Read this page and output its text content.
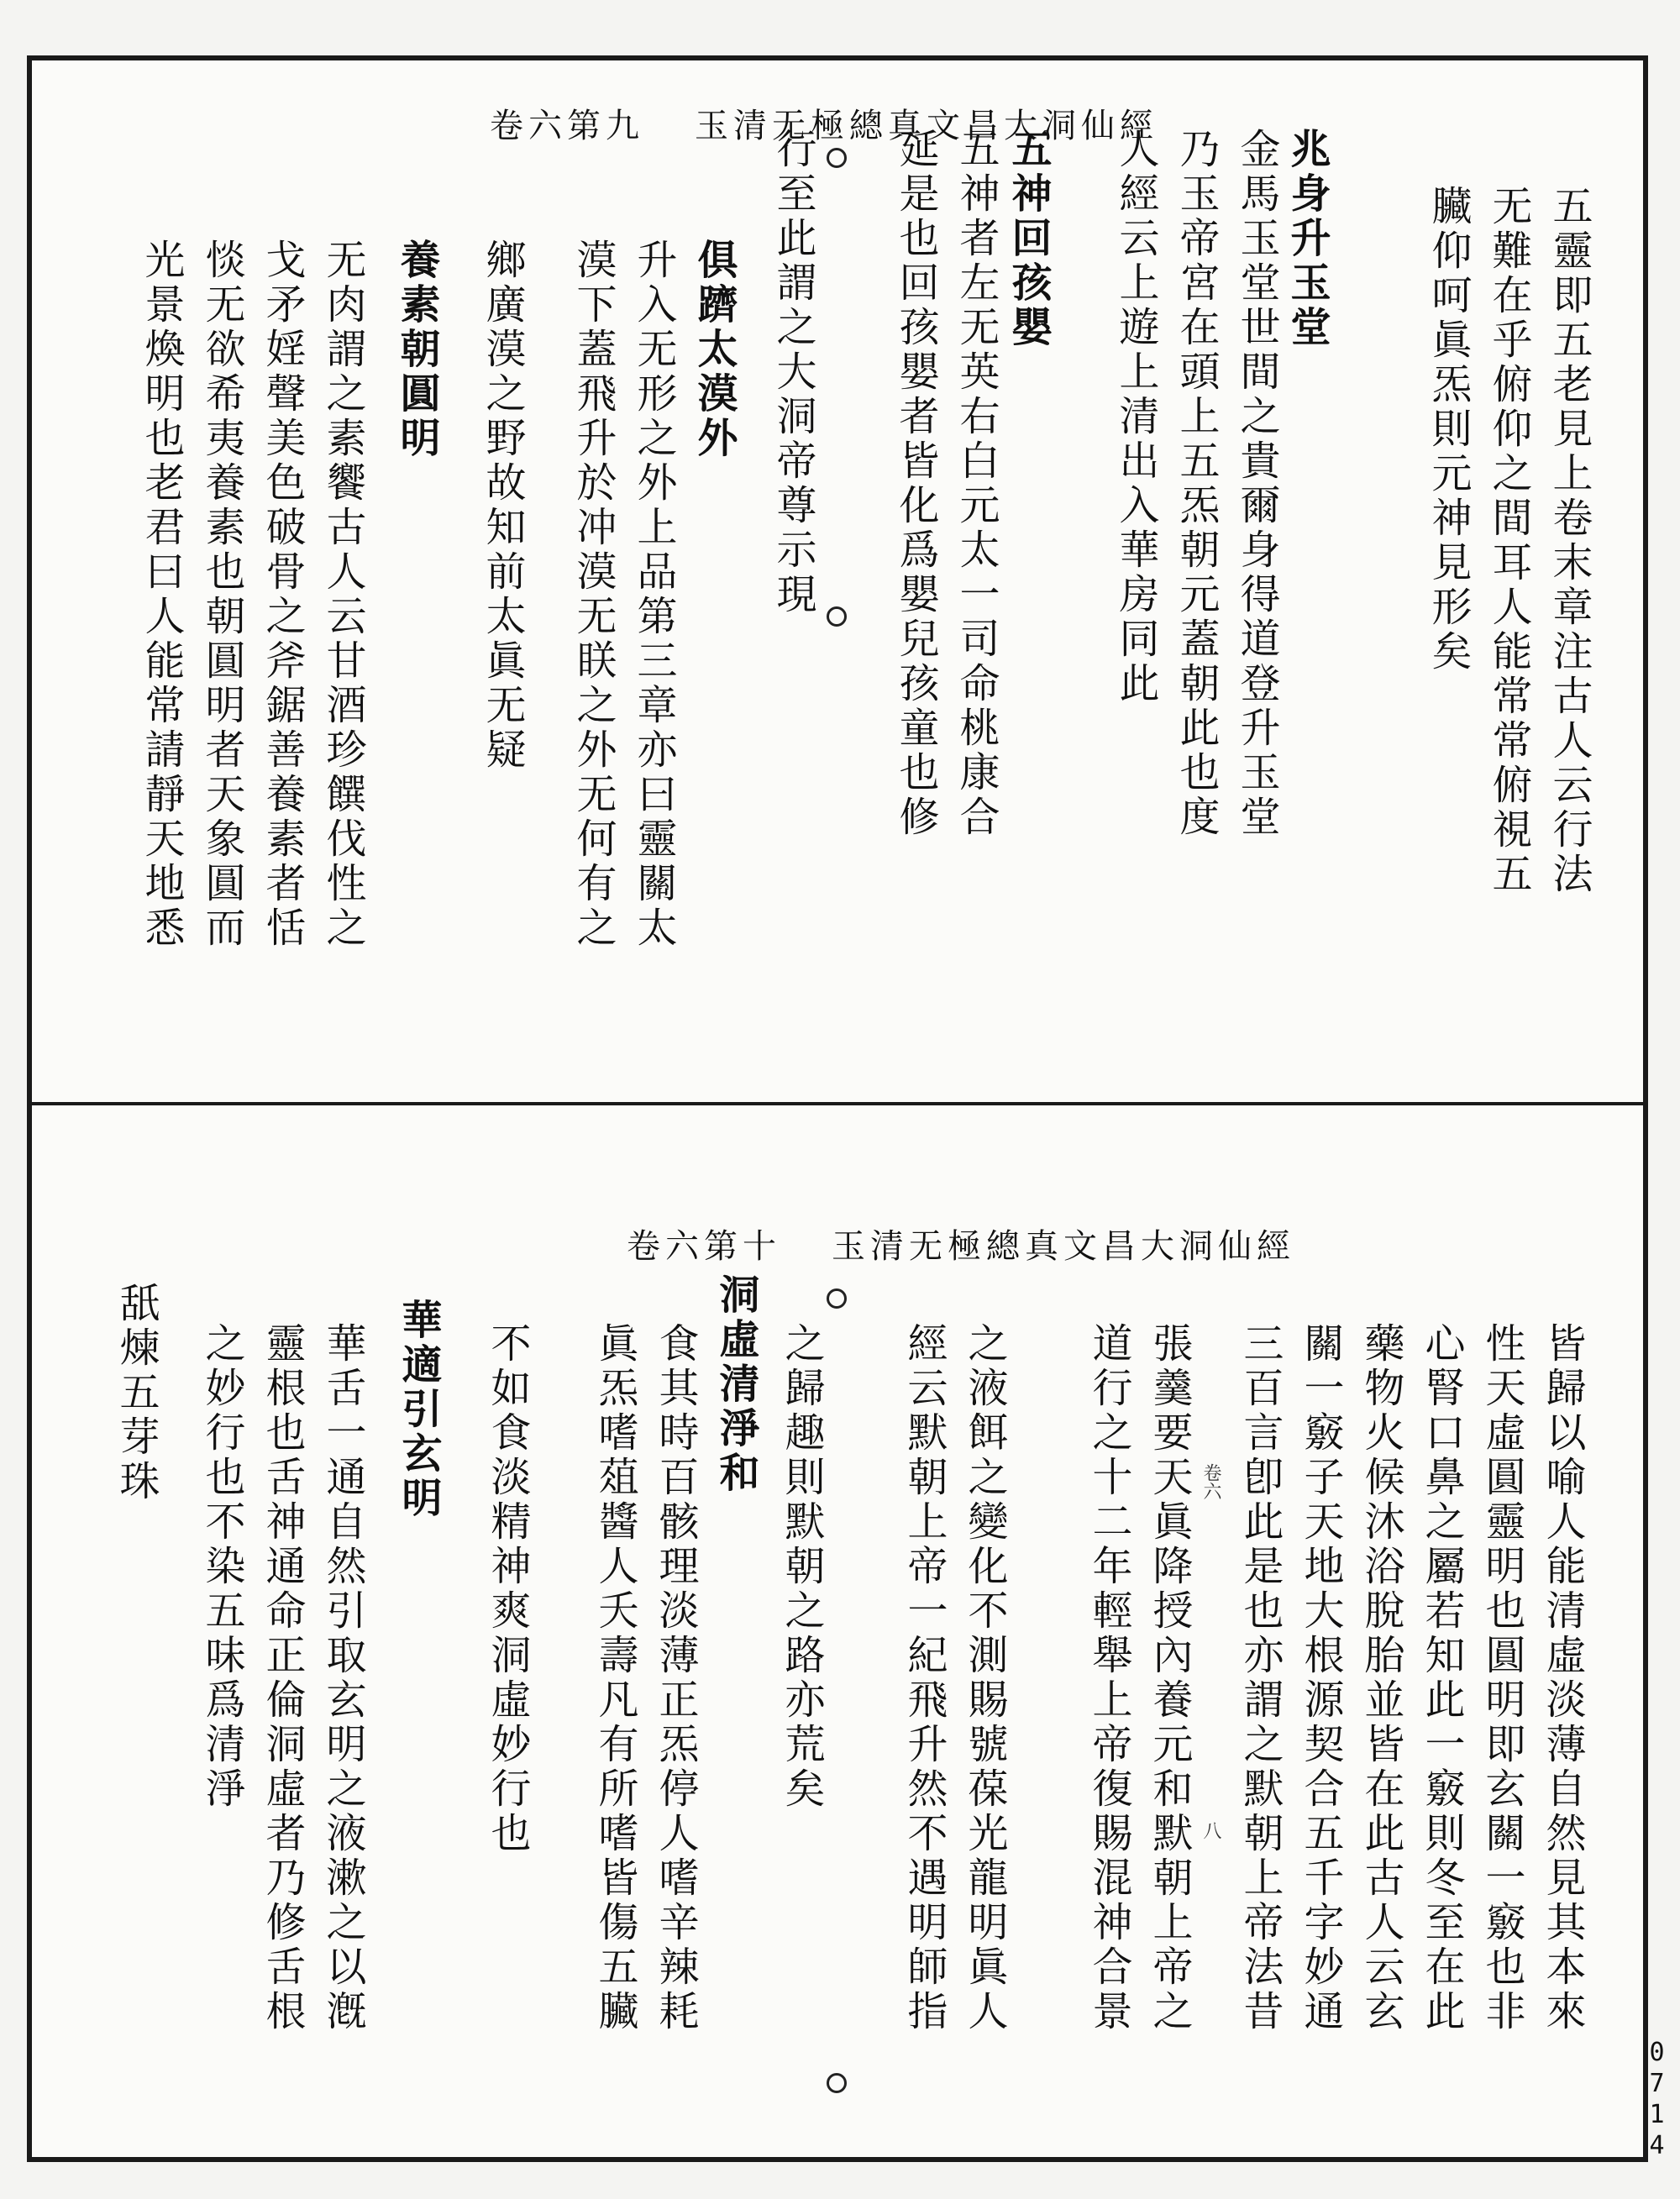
卷六第九 玉清无極總真文昌大洞仙經
五靈即五老見上卷末章注古人云行法
无難在乎俯仰之間耳人能常常俯視五
臟仰呵眞炁則元神見形矣
兆身升玉堂
金馬玉堂世間之貴爾身得道登升玉堂
乃玉帝宮在頭上五炁朝元蓋朝此也度
人經云上遊上清出入華房同此
五神回孩嬰
五神者左无英右白元太一司命桃康合
延是也回孩嬰者皆化爲嬰兒孩童也修
行至此謂之大洞帝尊示現
俱躋太漠外
升入无形之外上品第三章亦曰靈關太
漠下蓋飛升於冲漠无眹之外无何有之
鄉廣漠之野故知前太眞无疑
養素朝圓明
无肉謂之素饗古人云甘酒珍饌伐性之
戈矛婬聲美色破骨之斧鋸善養素者恬
惔无欲希夷養素也朝圓明者天象圓而
光景煥明也老君曰人能常請靜天地悉
卷六第十 玉清无極總真文昌大洞仙經
卷六
八	皆歸以喻人能清虛淡薄自然見其本來
性天虛圓靈明也圓明即玄關一竅也非
心腎口鼻之屬若知此一竅則冬至在此
藥物火候沐浴脫胎並皆在此古人云玄
關一竅子天地大根源契合五千字妙通
三百言卽此是也亦謂之默朝上帝法昔
張羹要天眞降授內養元和默朝上帝之
道行之十二年輕舉上帝復賜混神合景
之液餌之變化不測賜號葆光龍明眞人
經云默朝上帝一紀飛升然不遇明師指
之歸趣則默朝之路亦荒矣
洞虛清淨和
食其時百骸理淡薄正炁停人嗜辛辣耗
眞炁嗜葅醬人夭壽凡有所嗜皆傷五臟
不如食淡精神爽洞虛妙行也
華適引玄明
華舌一通自然引取玄明之液漱之以漑
靈根也舌神通命正倫洞虛者乃修舌根
之妙行也不染五味爲清淨
舐煉五芽珠
0714
